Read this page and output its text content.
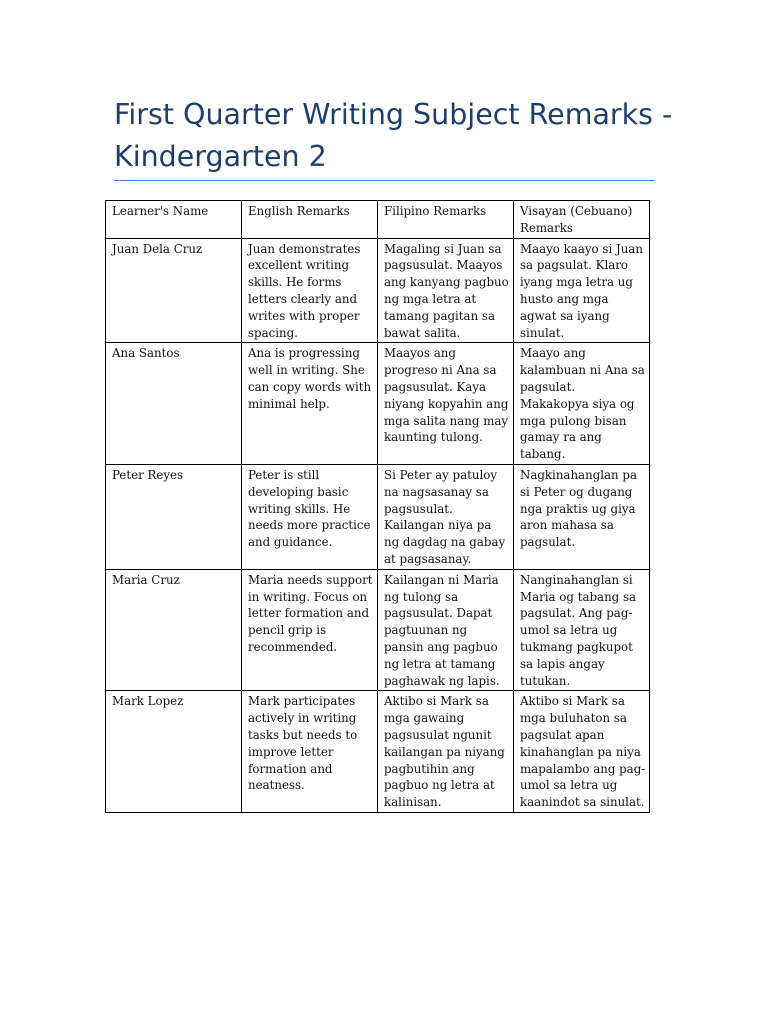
First Quarter Writing Subject Remarks - Kindergarten 2
Learner's Name	English Remarks	Filipino Remarks	Visayan (Cebuano) Remarks
Juan Dela Cruz	Juan demonstrates excellent writing skills. He forms letters clearly and writes with proper spacing.	Magaling si Juan sa pagsusulat. Maayos ang kanyang pagbuo ng mga letra at tamang pagitan sa bawat salita.	Maayo kaayo si Juan sa pagsulat. Klaro iyang mga letra ug husto ang mga agwat sa iyang sinulat.
Ana Santos	Ana is progressing well in writing. She can copy words with minimal help.	Maayos ang progreso ni Ana sa pagsusulat. Kaya niyang kopyahin ang mga salita nang may kaunting tulong.	Maayo ang kalambuan ni Ana sa pagsulat. Makakopya siya og mga pulong bisan gamay ra ang tabang.
Peter Reyes	Peter is still developing basic writing skills. He needs more practice and guidance.	Si Peter ay patuloy na nagsasanay sa pagsusulat. Kailangan niya pa ng dagdag na gabay at pagsasanay.	Nagkinahanglan pa si Peter og dugang nga praktis ug giya aron mahasa sa pagsulat.
Maria Cruz	Maria needs support in writing. Focus on letter formation and pencil grip is recommended.	Kailangan ni Maria ng tulong sa pagsusulat. Dapat pagtuunan ng pansin ang pagbuo ng letra at tamang paghawak ng lapis.	Nanginahanglan si Maria og tabang sa pagsulat. Ang pag-umol sa letra ug tukmang pagkupot sa lapis angay tutukan.
Mark Lopez	Mark participates actively in writing tasks but needs to improve letter formation and neatness.	Aktibo si Mark sa mga gawaing pagsusulat ngunit kailangan pa niyang pagbutihin ang pagbuo ng letra at kalinisan.	Aktibo si Mark sa mga buluhaton sa pagsulat apan kinahanglan pa niya mapalambo ang pag-umol sa letra ug kaanindot sa sinulat.
